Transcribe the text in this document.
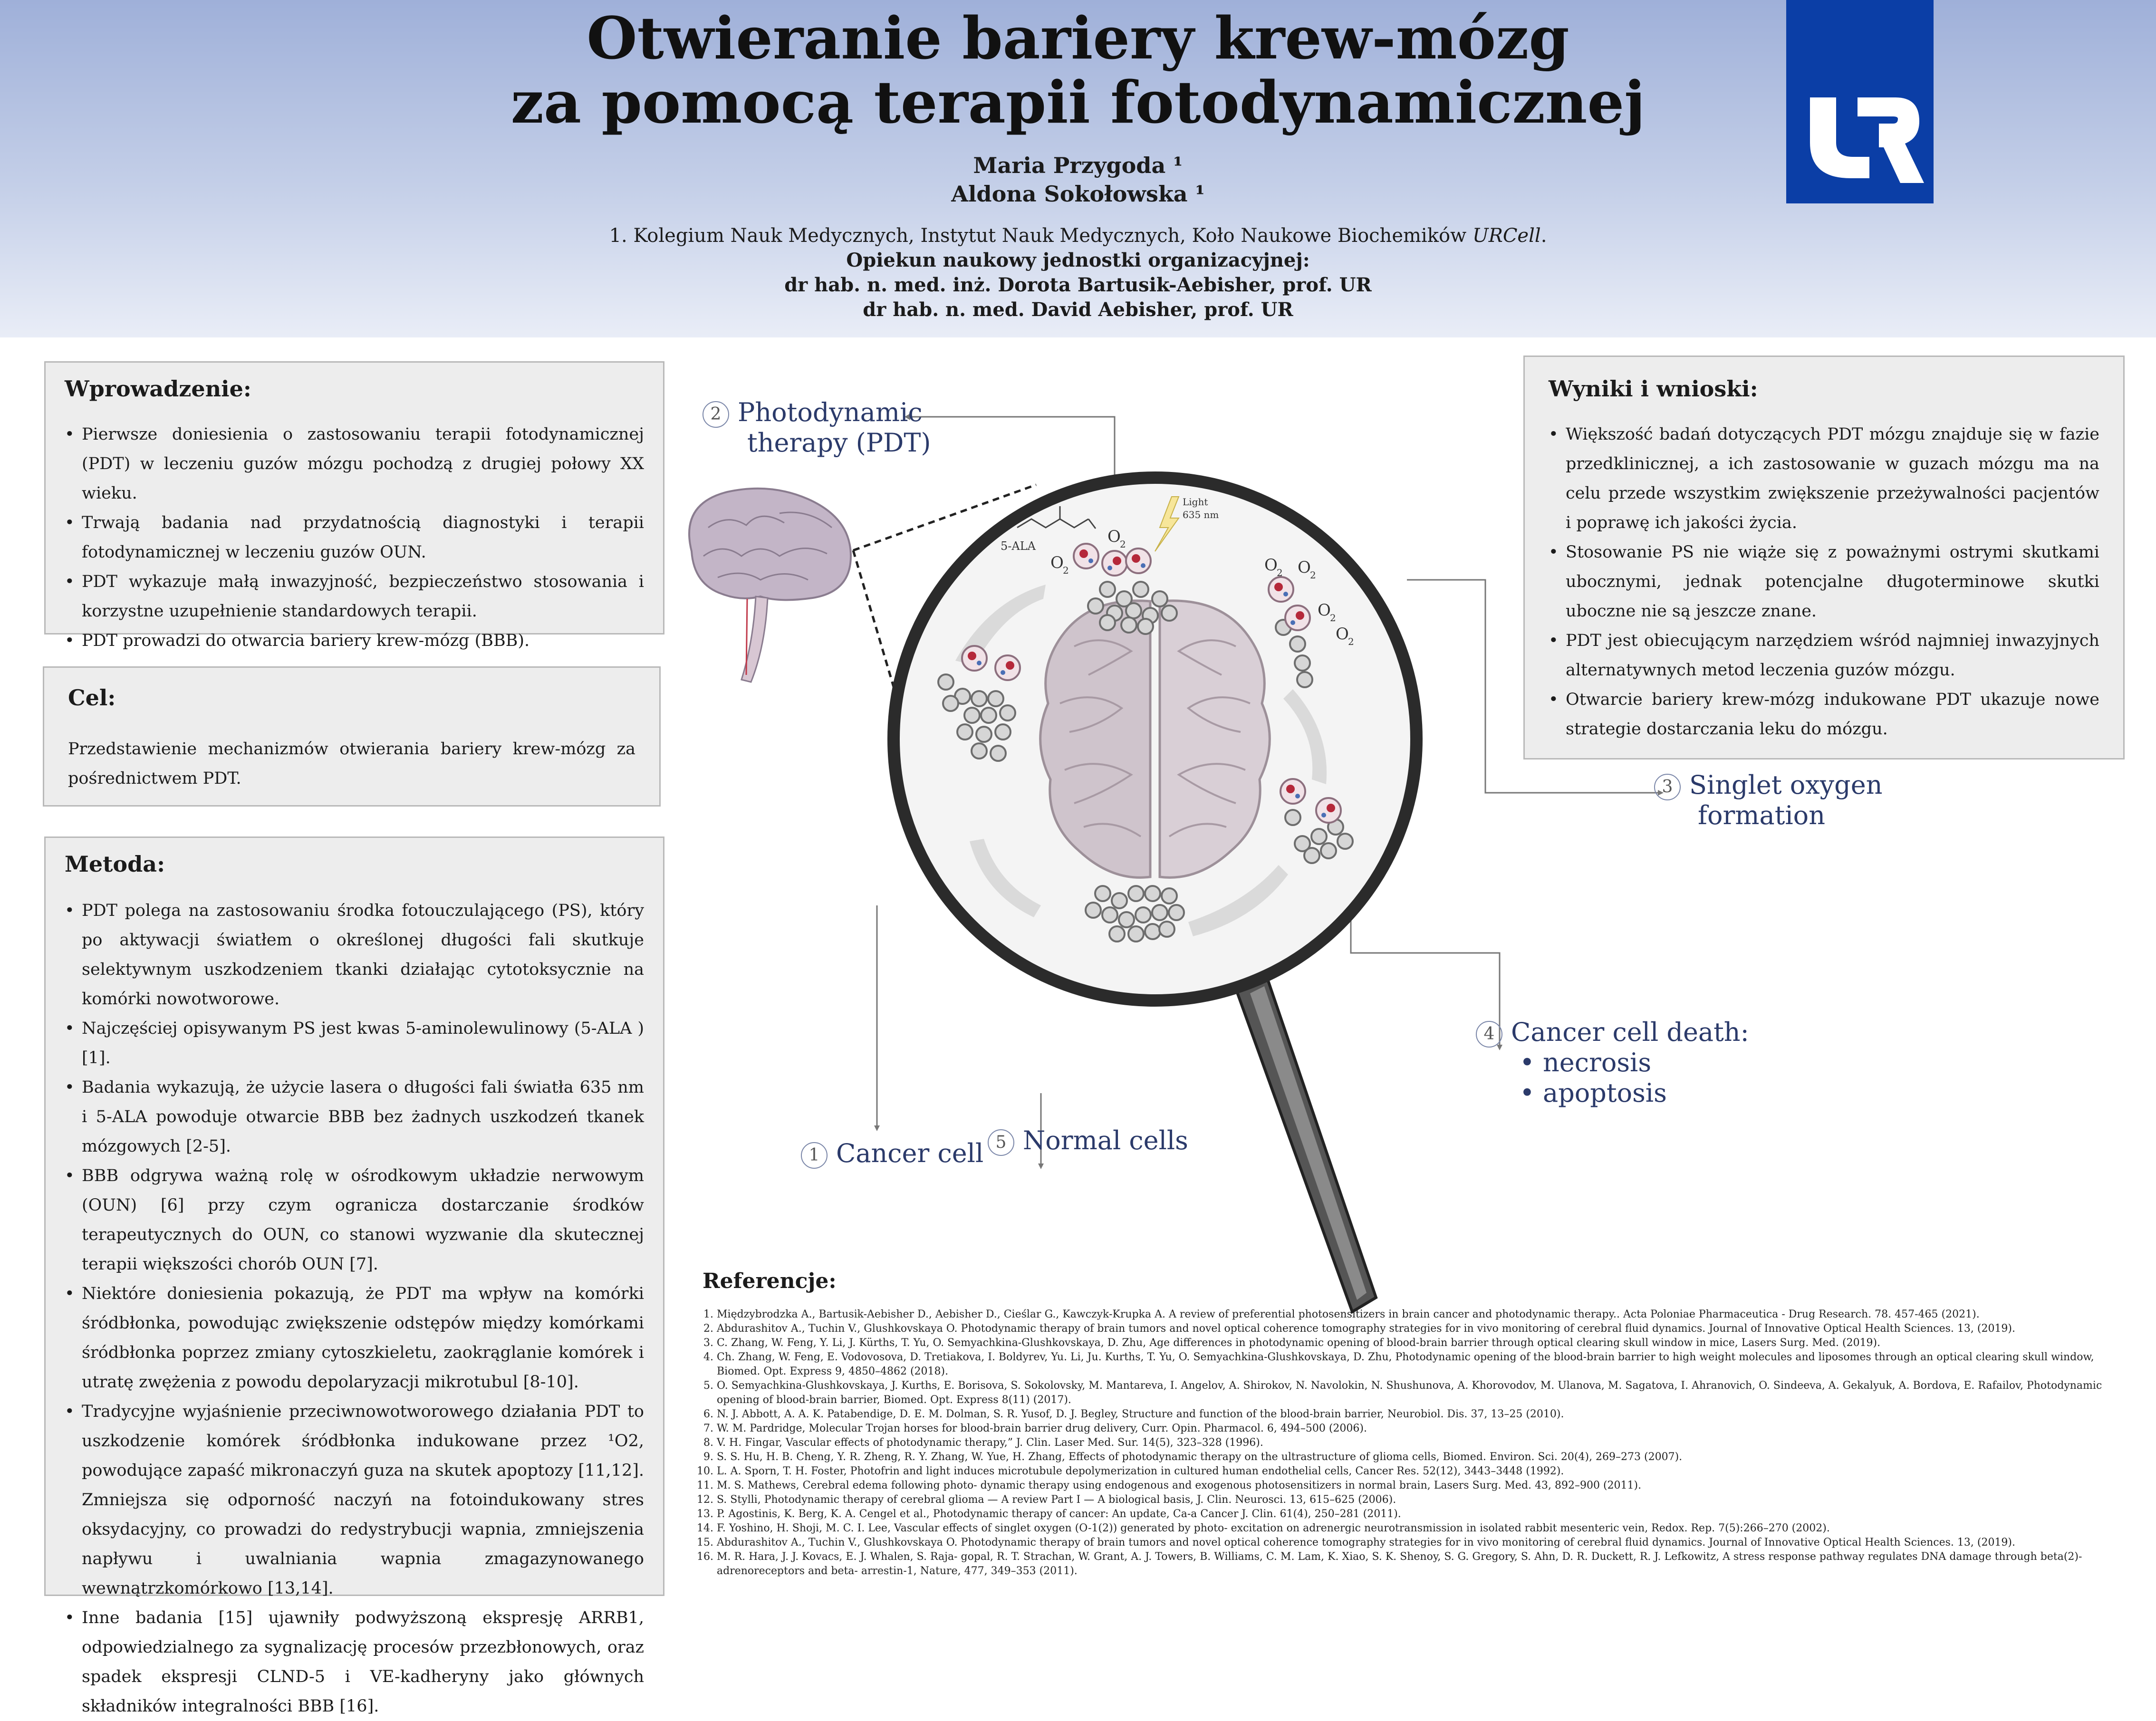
Otwieranie bariery krew-mózg
za pomocą terapii fotodynamicznej
Maria Przygoda ¹
Aldona Sokołowska ¹
1. Kolegium Nauk Medycznych, Instytut Nauk Medycznych, Koło Naukowe Biochemików URCell.
Opiekun naukowy jednostki organizacyjnej:
dr hab. n. med. inż. Dorota Bartusik-Aebisher, prof. UR
dr hab. n. med. David Aebisher, prof. UR
Wprowadzenie:
• Pierwsze doniesienia o zastosowaniu terapii fotodynamicznej (PDT) w leczeniu guzów mózgu pochodzą z drugiej połowy XX wieku.
• Trwają badania nad przydatnością diagnostyki i terapii fotodynamicznej w leczeniu guzów OUN.
• PDT wykazuje małą inwazyjność, bezpieczeństwo stosowania i korzystne uzupełnienie standardowych terapii.
• PDT prowadzi do otwarcia bariery krew-mózg (BBB).
Cel:

Przedstawienie mechanizmów otwierania bariery krew-mózg za pośrednictwem PDT.

Metoda:
• PDT polega na zastosowaniu środka fotouczulającego (PS), który po aktywacji światłem o określonej długości fali skutkuje selektywnym uszkodzeniem tkanki działając cytotoksycznie na komórki nowotworowe.
• Najczęściej opisywanym PS jest kwas 5-aminolewulinowy (5-ALA )[1].
• Badania wykazują, że użycie lasera o długości fali światła 635 nm i 5-ALA powoduje otwarcie BBB bez żadnych uszkodzeń tkanek mózgowych [2-5].
• BBB odgrywa ważną rolę w ośrodkowym układzie nerwowym (OUN) [6] przy czym ogranicza dostarczanie środków terapeutycznych do OUN, co stanowi wyzwanie dla skutecznej terapii większości chorób OUN [7].
• Niektóre doniesienia pokazują, że PDT ma wpływ na komórki śródbłonka, powodując zwiększenie odstępów między komórkami śródbłonka poprzez zmiany cytoszkieletu, zaokrąglanie komórek i utratę zwężenia z powodu depolaryzacji mikrotubul [8-10].
• Tradycyjne wyjaśnienie przeciwnowotworowego działania PDT to uszkodzenie komórek śródbłonka indukowane przez ¹O2, powodujące zapaść mikronaczyń guza na skutek apoptozy [11,12]. Zmniejsza się odporność naczyń na fotoindukowany stres oksydacyjny, co prowadzi do redystrybucji wapnia, zmniejszenia napływu i uwalniania wapnia zmagazynowanego wewnątrzkomórkowo [13,14].
• Inne badania [15] ujawniły podwyższoną ekspresję ARRB1, odpowiedzialnego za sygnalizację procesów przezbłonowych, oraz spadek ekspresji CLND-5 i VE-kadheryny jako głównych składników integralności BBB [16].
Wyniki i wnioski:
• Większość badań dotyczących PDT mózgu znajduje się w fazie przedklinicznej, a ich zastosowanie w guzach mózgu ma na celu przede wszystkim zwiększenie przeżywalności pacjentów i poprawę ich jakości życia.
• Stosowanie PS nie wiąże się z poważnymi ostrymi skutkami ubocznymi, jednak potencjalne długoterminowe skutki uboczne nie są jeszcze znane.
• PDT jest obiecującym narzędziem wśród najmniej inwazyjnych alternatywnych metod leczenia guzów mózgu.
• Otwarcie bariery krew-mózg indukowane PDT ukazuje nowe strategie dostarczania leku do mózgu.
Light
635 nm
5-ALA
O
2
O
2
O
2 O
2
O
2
O
2
2 Photodynamic
therapy (PDT)
3 Singlet oxygen
formation
4 Cancer cell death:
• necrosis
• apoptosis
1 Cancer cell 5 Normal cells
Referencje:
1. Międzybrodzka A., Bartusik-Aebisher D., Aebisher D., Cieślar G., Kawczyk-Krupka A. A review of preferential photosensitizers in brain cancer and photodynamic therapy.. Acta Poloniae Pharmaceutica - Drug Research. 78. 457-465 (2021).
2. Abdurashitov A., Tuchin V., Glushkovskaya O. Photodynamic therapy of brain tumors and novel optical coherence tomography strategies for in vivo monitoring of cerebral fluid dynamics. Journal of Innovative Optical Health Sciences. 13, (2019).
3. C. Zhang, W. Feng, Y. Li, J. Kürths, T. Yu, O. Semyachkina-Glushkovskaya, D. Zhu, Age differences in photodynamic opening of blood-brain barrier through optical clearing skull window in mice, Lasers Surg. Med. (2019).
4. Ch. Zhang, W. Feng, E. Vodovosova, D. Tretiakova, I. Boldyrev, Yu. Li, Ju. Kurths, T. Yu, O. Semyachkina-Glushkovskaya, D. Zhu, Photodynamic opening of the blood-brain barrier to high weight molecules and liposomes through an optical clearing skull window, Biomed. Opt. Express 9, 4850–4862 (2018).
5. O. Semyachkina-Glushkovskaya, J. Kurths, E. Borisova, S. Sokolovsky, M. Mantareva, I. Angelov, A. Shirokov, N. Navolokin, N. Shushunova, A. Khorovodov, M. Ulanova, M. Sagatova, I. Ahranovich, O. Sindeeva, A. Gekalyuk, A. Bordova, E. Rafailov, Photodynamic opening of blood-brain barrier, Biomed. Opt. Express 8(11) (2017).
6. N. J. Abbott, A. A. K. Patabendige, D. E. M. Dolman, S. R. Yusof, D. J. Begley, Structure and function of the blood-brain barrier, Neurobiol. Dis. 37, 13–25 (2010).
7. W. M. Pardridge, Molecular Trojan horses for blood-brain barrier drug delivery, Curr. Opin. Pharmacol. 6, 494–500 (2006).
8. V. H. Fingar, Vascular effects of photodynamic therapy,” J. Clin. Laser Med. Sur. 14(5), 323–328 (1996).
9. S. S. Hu, H. B. Cheng, Y. R. Zheng, R. Y. Zhang, W. Yue, H. Zhang, Effects of photodynamic therapy on the ultrastructure of glioma cells, Biomed. Environ. Sci. 20(4), 269–273 (2007).
10. L. A. Sporn, T. H. Foster, Photofrin and light induces microtubule depolymerization in cultured human endothelial cells, Cancer Res. 52(12), 3443–3448 (1992).
11. M. S. Mathews, Cerebral edema following photo- dynamic therapy using endogenous and exogenous photosensitizers in normal brain, Lasers Surg. Med. 43, 892–900 (2011).
12. S. Stylli, Photodynamic therapy of cerebral glioma — A review Part I — A biological basis, J. Clin. Neurosci. 13, 615–625 (2006).
13. P. Agostinis, K. Berg, K. A. Cengel et al., Photodynamic therapy of cancer: An update, Ca-a Cancer J. Clin. 61(4), 250–281 (2011).
14. F. Yoshino, H. Shoji, M. C. I. Lee, Vascular effects of singlet oxygen (O-1(2)) generated by photo- excitation on adrenergic neurotransmission in isolated rabbit mesenteric vein, Redox. Rep. 7(5):266–270 (2002).
15. Abdurashitov A., Tuchin V., Glushkovskaya O. Photodynamic therapy of brain tumors and novel optical coherence tomography strategies for in vivo monitoring of cerebral fluid dynamics. Journal of Innovative Optical Health Sciences. 13, (2019).
16. M. R. Hara, J. J. Kovacs, E. J. Whalen, S. Raja- gopal, R. T. Strachan, W. Grant, A. J. Towers, B. Williams, C. M. Lam, K. Xiao, S. K. Shenoy, S. G. Gregory, S. Ahn, D. R. Duckett, R. J. Lefkowitz, A stress response pathway regulates DNA damage through beta(2)-adrenoreceptors and beta- arrestin-1, Nature, 477, 349–353 (2011).
